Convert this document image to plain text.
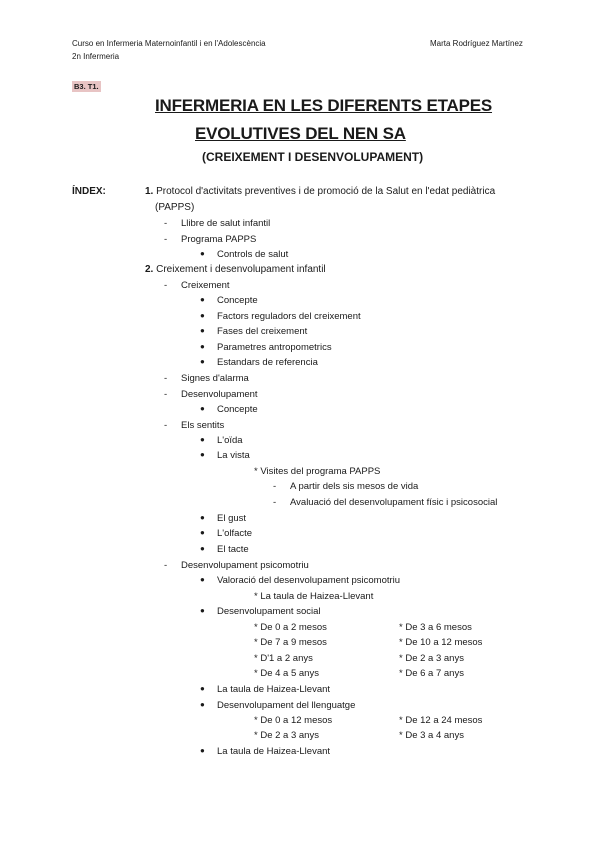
Curso en Infermeria Maternoinfantil i en l'Adolescència
2n Infermeria
Marta Rodríguez Martínez
B3. T1.
INFERMERIA EN LES DIFERENTS ETAPES
EVOLUTIVES DEL NEN SA
(CREIXEMENT I DESENVOLUPAMENT)
ÍNDEX:	1. Protocol d'activitats preventives i de promoció de la Salut en l'edat pediàtrica
(PAPPS)
- Llibre de salut infantil
- Programa PAPPS
● Controls de salut
2. Creixement i desenvolupament infantil
- Creixement
● Concepte
● Factors reguladors del creixement
● Fases del creixement
● Parametres antropometrics
● Estandars de referencia
- Signes d'alarma
- Desenvolupament
● Concepte
- Els sentits
● L'oïda
● La vista
* Visites del programa PAPPS
- A partir dels sis mesos de vida
- Avaluació del desenvolupament físic i psicosocial
● El gust
● L'olfacte
● El tacte
- Desenvolupament psicomotriu
● Valoració del desenvolupament psicomotriu
* La taula de Haizea-Llevant
● Desenvolupament social
* De 0 a 2 mesos
* De 7 a 9 mesos
* D'1 a 2 anys
* De 4 a 5 anys
* De 3 a 6 mesos
* De 10 a 12 mesos
* De 2 a 3 anys
* De 6 a 7 anys
● La taula de Haizea-Llevant
● Desenvolupament del llenguatge
* De 0 a 12 mesos
* De 2 a 3 anys
* De 12 a 24 mesos
* De 3 a 4 anys
● La taula de Haizea-Llevant
